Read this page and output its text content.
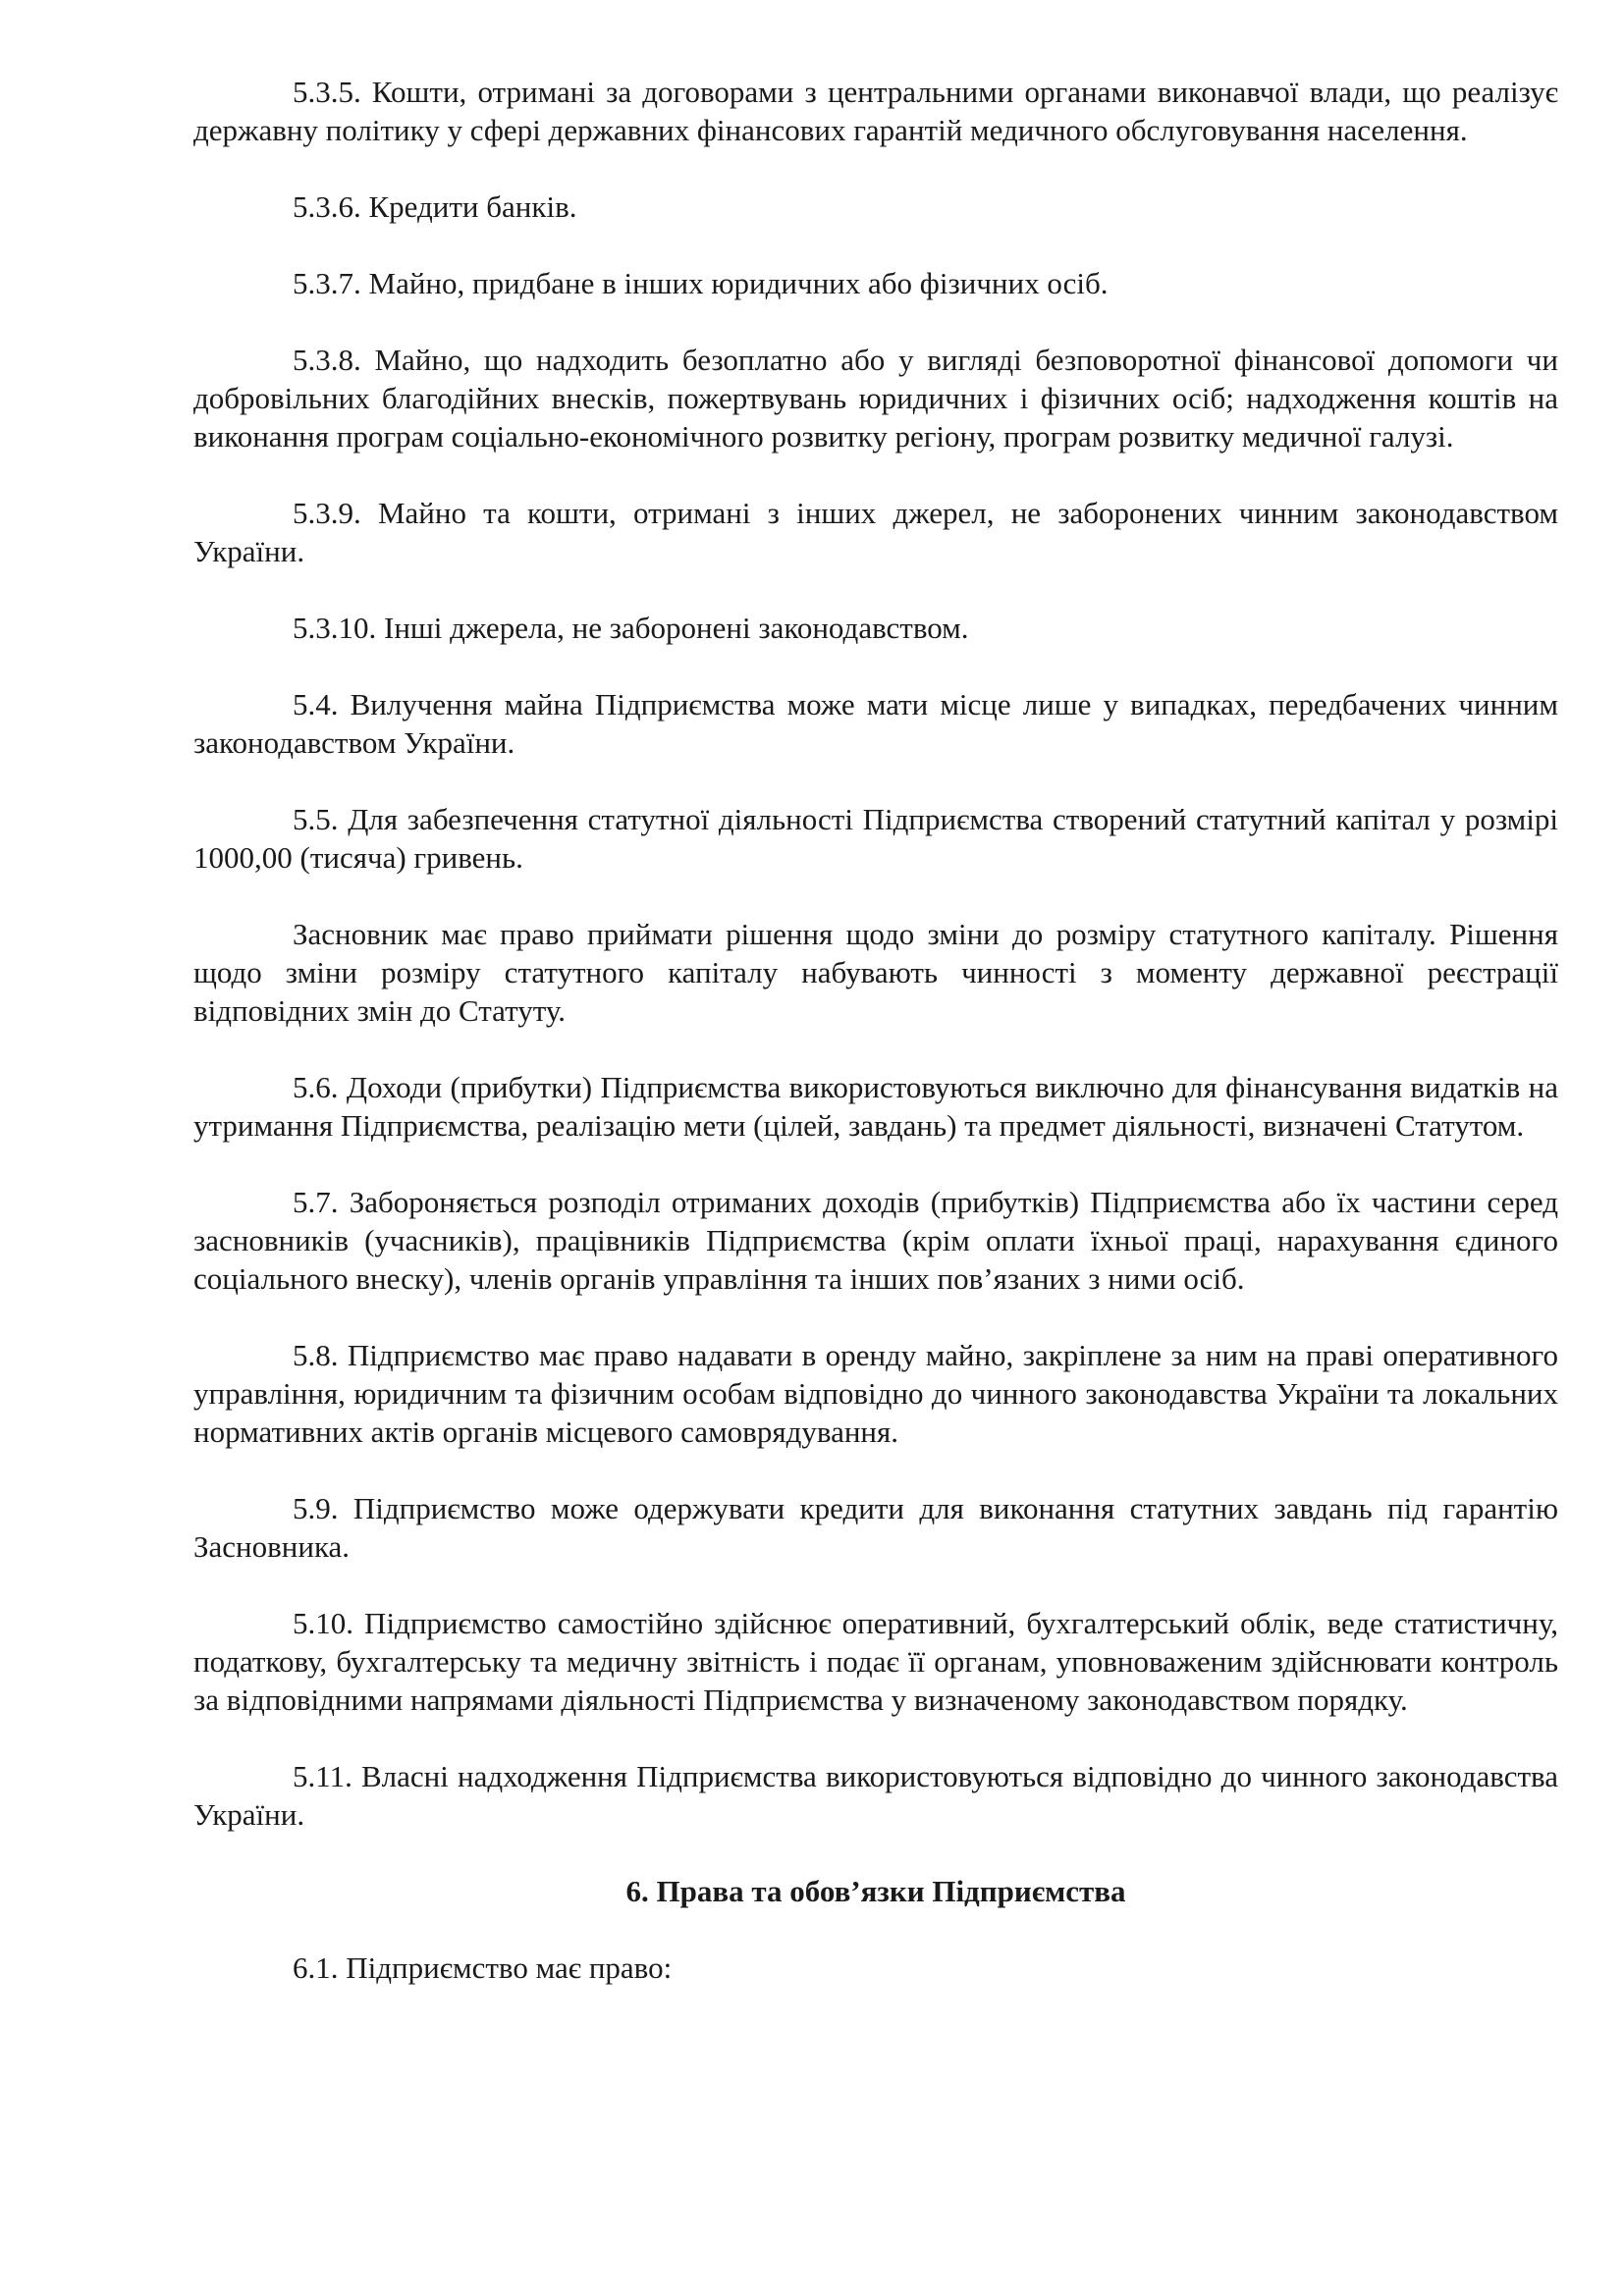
5.3.5. Кошти, отримані за договорами з центральними органами виконавчої влади, що реалізує державну політику у сфері державних фінансових гарантій медичного обслуговування населення.

5.3.6. Кредити банків.

5.3.7. Майно, придбане в інших юридичних або фізичних осіб.

5.3.8. Майно, що надходить безоплатно або у вигляді безповоротної фінансової допомоги чи добровільних благодійних внесків, пожертвувань юридичних і фізичних осіб; надходження коштів на виконання програм соціально-економічного розвитку регіону, програм розвитку медичної галузі.

5.3.9. Майно та кошти, отримані з інших джерел, не заборонених чинним законодавством України.

5.3.10. Інші джерела, не заборонені законодавством.

5.4. Вилучення майна Підприємства може мати місце лише у випадках, передбачених чинним законодавством України.

5.5. Для забезпечення статутної діяльності Підприємства створений статутний капітал у розмірі 1000,00 (тисяча) гривень.

Засновник має право приймати рішення щодо зміни до розміру статутного капіталу. Рішення щодо зміни розміру статутного капіталу набувають чинності з моменту державної реєстрації відповідних змін до Статуту.

5.6. Доходи (прибутки) Підприємства використовуються виключно для фінансування видатків на утримання Підприємства, реалізацію мети (цілей, завдань) та предмет діяльності, визначені Статутом.

5.7. Забороняється розподіл отриманих доходів (прибутків) Підприємства або їх частини серед засновників (учасників), працівників Підприємства (крім оплати їхньої праці, нарахування єдиного соціального внеску), членів органів управління та інших пов’язаних з ними осіб.

5.8. Підприємство має право надавати в оренду майно, закріплене за ним на праві оперативного управління, юридичним та фізичним особам відповідно до чинного законодавства України та локальних нормативних актів органів місцевого самоврядування.

5.9. Підприємство може одержувати кредити для виконання статутних завдань під гарантію Засновника.

5.10. Підприємство самостійно здійснює оперативний, бухгалтерський облік, веде статистичну, податкову, бухгалтерську та медичну звітність і подає її органам, уповноваженим здійснювати контроль за відповідними напрямами діяльності Підприємства у визначеному законодавством порядку.

5.11. Власні надходження Підприємства використовуються відповідно до чинного законодавства України.

6. Права та обов’язки Підприємства

6.1. Підприємство має право:
